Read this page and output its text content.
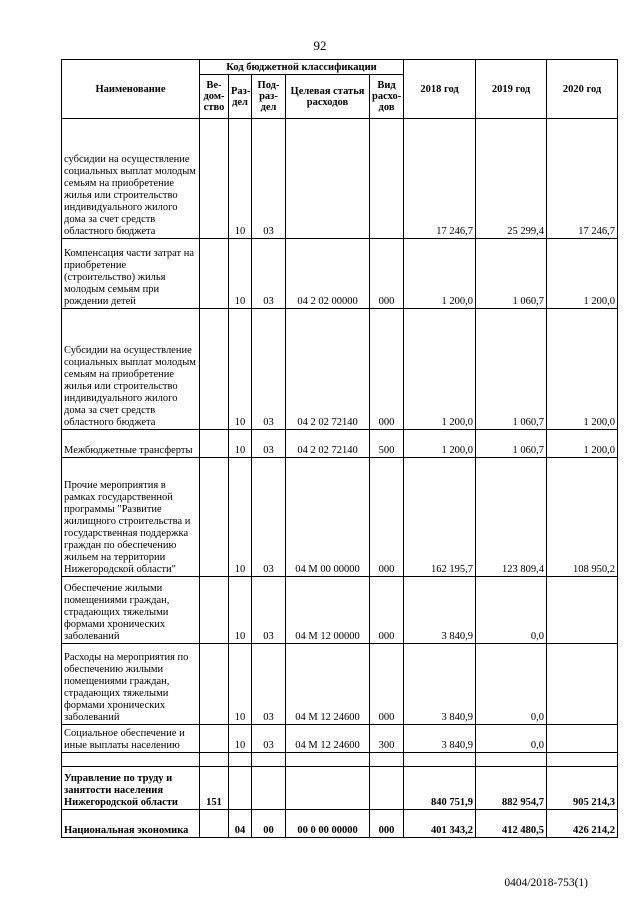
92
Наименование	Код бюджетной классификации					2018 год	2019 год	2020 год
	Ве-дом-ство	Раз-дел	Под-раз-дел	Целевая статья расходов	Вид расхо-дов			
субсидии на осуществление социальных выплат молодым семьям на приобретение жилья или строительство индивидуального жилого дома за счет средств областного бюджета		10	03			17 246,7	25 299,4	17 246,7
Компенсация части затрат на приобретение (строительство) жилья молодым семьям при рождении детей		10	03	04 2 02 00000	000	1 200,0	1 060,7	1 200,0
Субсидии на осуществление социальных выплат молодым семьям на приобретение жилья или строительство индивидуального жилого дома за счет средств областного бюджета		10	03	04 2 02 72140	000	1 200,0	1 060,7	1 200,0
Межбюджетные трансферты		10	03	04 2 02 72140	500	1 200,0	1 060,7	1 200,0
Прочие мероприятия в рамках государственной программы "Развитие жилищного строительства и государственная поддержка граждан по обеспечению жильем на территории Нижегородской области"		10	03	04 М 00 00000	000	162 195,7	123 809,4	108 950,2
Обеспечение жилыми помещениями граждан, страдающих тяжелыми формами хронических заболеваний		10	03	04 М 12 00000	000	3 840,9	0,0	
Расходы на мероприятия по обеспечению жилыми помещениями граждан, страдающих тяжелыми формами хронических заболеваний		10	03	04 М 12 24600	000	3 840,9	0,0	
Социальное обеспечение и иные выплаты населению		10	03	04 М 12 24600	300	3 840,9	0,0	

Управление по труду и занятости населения Нижегородской области	151					840 751,9	882 954,7	905 214,3
Национальная экономика		04	00	00 0 00 00000	000	401 343,2	412 480,5	426 214,2
0404/2018-753(1)
